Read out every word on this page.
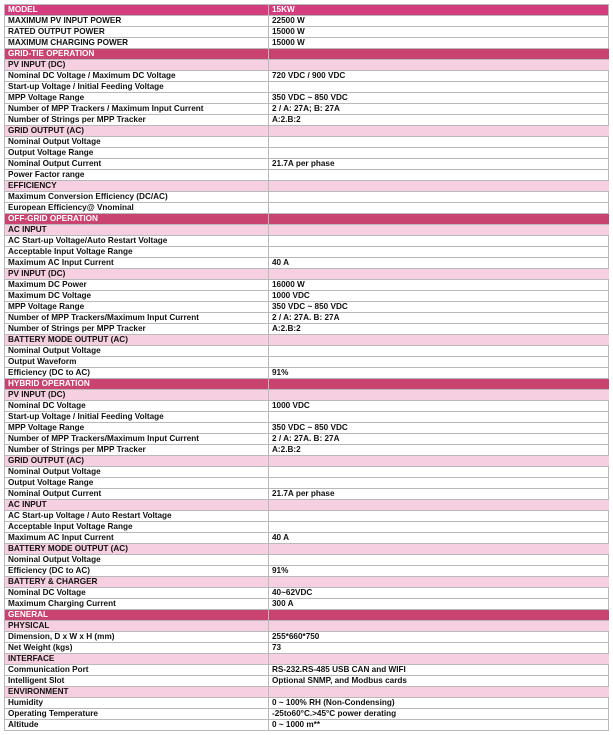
MODEL	15KW
MAXIMUM PV INPUT POWER	22500 W
RATED OUTPUT POWER	15000 W
MAXIMUM CHARGING POWER	15000 W
GRID-TIE OPERATION	
PV INPUT (DC)	
Nominal DC Voltage / Maximum DC Voltage	720 VDC / 900 VDC
Start-up Voltage / Initial Feeding Voltage	
MPP Voltage Range	350 VDC ~ 850 VDC
Number of MPP Trackers / Maximum Input Current	2 / A: 27A; B: 27A
Number of Strings per MPP Tracker	A:2.B:2
GRID OUTPUT (AC)	
Nominal Output Voltage	
Output Voltage Range	
Nominal Output Current	21.7A per phase
Power Factor range	
EFFICIENCY	
Maximum Conversion Efficiency (DC/AC)	
European Efficiency@ Vnominal	
OFF-GRID OPERATION	
AC INPUT	
AC Start-up Voltage/Auto Restart Voltage	
Acceptable Input Voltage Range	
Maximum AC Input Current	40 A
PV INPUT (DC)	
Maximum DC Power	16000 W
Maximum DC Voltage	1000 VDC
MPP Voltage Range	350 VDC ~ 850 VDC
Number of MPP Trackers/Maximum Input Current	2 / A: 27A. B: 27A
Number of Strings per MPP Tracker	A:2.B:2
BATTERY MODE OUTPUT (AC)	
Nominal Output Voltage	
Output Waveform	
Efficiency (DC to AC)	91%
HYBRID OPERATION	
PV INPUT (DC)	
Nominal DC Voltage	1000 VDC
Start-up Voltage / Initial Feeding Voltage	
MPP Voltage Range	350 VDC ~ 850 VDC
Number of MPP Trackers/Maximum Input Current	2 / A: 27A. B: 27A
Number of Strings per MPP Tracker	A:2.B:2
GRID OUTPUT (AC)	
Nominal Output Voltage	
Output Voltage Range	
Nominal Output Current	21.7A per phase
AC INPUT	
AC Start-up Voltage / Auto Restart Voltage	
Acceptable Input Voltage Range	
Maximum AC Input Current	40 A
BATTERY MODE OUTPUT (AC)	
Nominal Output Voltage	
Efficiency (DC to AC)	91%
BATTERY & CHARGER	
Nominal DC Voltage	40~62VDC
Maximum Charging Current	300 A
GENERAL	
PHYSICAL	
Dimension, D x W x H (mm)	255*660*750
Net Weight (kgs)	73
INTERFACE	
Communication Port	RS-232.RS-485 USB CAN and WIFI
Intelligent Slot	Optional SNMP, and Modbus cards
ENVIRONMENT	
Humidity	0 ~ 100% RH (Non-Condensing)
Operating Temperature	-25to60°C.>45°C power derating
Altitude	0 ~ 1000 m**
